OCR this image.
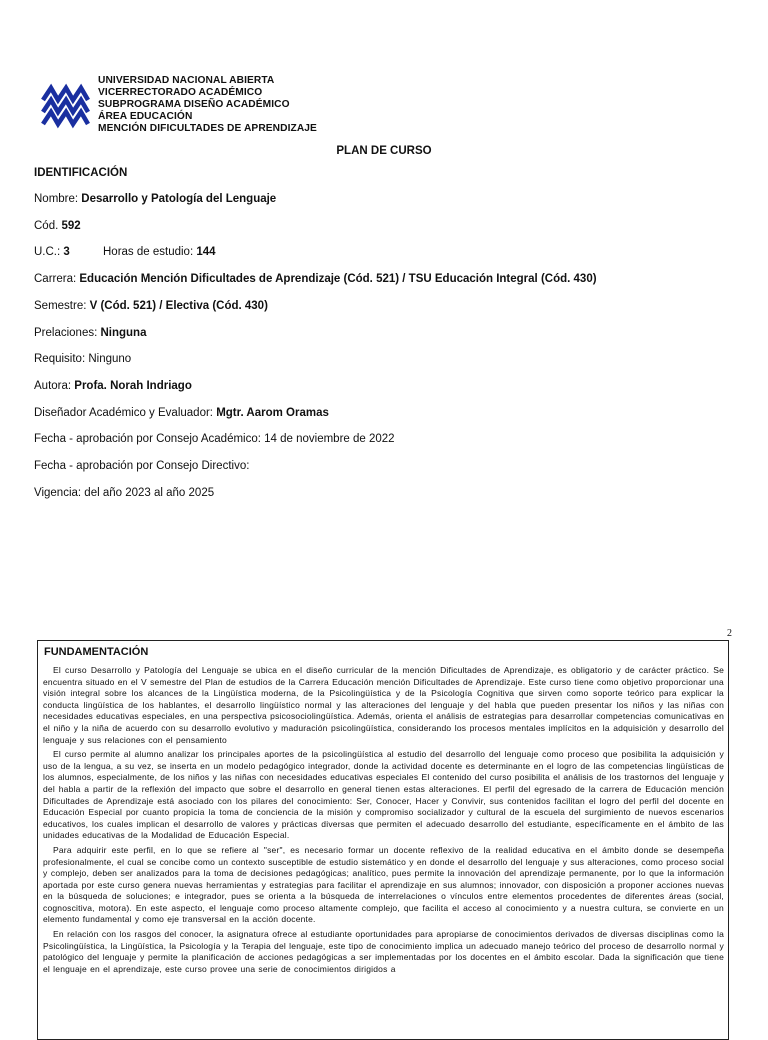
UNIVERSIDAD NACIONAL ABIERTA
VICERRECTORADO ACADÉMICO
SUBPROGRAMA DISEÑO ACADÉMICO
ÁREA EDUCACIÓN
MENCIÓN DIFICULTADES DE APRENDIZAJE
PLAN DE CURSO
IDENTIFICACIÓN
Nombre: Desarrollo y Patología del Lenguaje
Cód. 592
U.C.: 3	Horas de estudio: 144
Carrera: Educación Mención Dificultades de Aprendizaje (Cód. 521) / TSU Educación Integral (Cód. 430)
Semestre: V (Cód. 521) / Electiva (Cód. 430)
Prelaciones: Ninguna
Requisito: Ninguno
Autora: Profa. Norah Indriago
Diseñador Académico y Evaluador: Mgtr. Aarom Oramas
Fecha - aprobación por Consejo Académico: 14 de noviembre de 2022
Fecha - aprobación por Consejo Directivo:
Vigencia: del año 2023 al año 2025
2
FUNDAMENTACIÓN

El curso Desarrollo y Patología del Lenguaje se ubica en el diseño curricular de la mención Dificultades de Aprendizaje, es obligatorio y de carácter práctico. Se encuentra situado en el V semestre del Plan de estudios de la Carrera Educación mención Dificultades de Aprendizaje. Este curso tiene como objetivo proporcionar una visión integral sobre los alcances de la Lingüística moderna, de la Psicolingüística y de la Psicología Cognitiva que sirven como soporte teórico para explicar la conducta lingüística de los hablantes, el desarrollo lingüístico normal y las alteraciones del lenguaje y del habla que pueden presentar los niños y las niñas con necesidades educativas especiales, en una perspectiva psicosociolingüística. Además, orienta el análisis de estrategias para desarrollar competencias comunicativas en el niño y la niña de acuerdo con su desarrollo evolutivo y maduración psicolingüística, considerando los procesos mentales implícitos en la adquisición y desarrollo del lenguaje y sus relaciones con el pensamiento

El curso permite al alumno analizar los principales aportes de la psicolingüística al estudio del desarrollo del lenguaje como proceso que posibilita la adquisición y uso de la lengua, a su vez, se inserta en un modelo pedagógico integrador, donde la actividad docente es determinante en el logro de las competencias lingüísticas de los alumnos, especialmente, de los niños y las niñas con necesidades educativas especiales El contenido del curso posibilita el análisis de los trastornos del lenguaje y del habla a partir de la reflexión del impacto que sobre el desarrollo en general tienen estas alteraciones. El perfil del egresado de la carrera de Educación mención Dificultades de Aprendizaje está asociado con los pilares del conocimiento: Ser, Conocer, Hacer y Convivir, sus contenidos facilitan el logro del perfil del docente en Educación Especial por cuanto propicia la toma de conciencia de la misión y compromiso socializador y cultural de la escuela del surgimiento de nuevos escenarios educativos, los cuales implican el desarrollo de valores y prácticas diversas que permiten el adecuado desarrollo del estudiante, específicamente en el ámbito de las unidades educativas de la Modalidad de Educación Especial.

Para adquirir este perfil, en lo que se refiere al "ser", es necesario formar un docente reflexivo de la realidad educativa en el ámbito donde se desempeña profesionalmente, el cual se concibe como un contexto susceptible de estudio sistemático y en donde el desarrollo del lenguaje y sus alteraciones, como proceso social y complejo, deben ser analizados para la toma de decisiones pedagógicas; analítico, pues permite la innovación del aprendizaje permanente, por lo que la información aportada por este curso genera nuevas herramientas y estrategias para facilitar el aprendizaje en sus alumnos; innovador, con disposición a proponer acciones nuevas en la búsqueda de soluciones; e integrador, pues se orienta a la búsqueda de interrelaciones o vínculos entre elementos procedentes de diferentes áreas (social, cognoscitiva, motora). En este aspecto, el lenguaje como proceso altamente complejo, que facilita el acceso al conocimiento y a nuestra cultura, se convierte en un elemento fundamental y como eje transversal en la acción docente.

En relación con los rasgos del conocer, la asignatura ofrece al estudiante oportunidades para apropiarse de conocimientos derivados de diversas disciplinas como la Psicolingüística, la Lingüística, la Psicología y la Terapia del lenguaje, este tipo de conocimiento implica un adecuado manejo teórico del proceso de desarrollo normal y patológico del lenguaje y permite la planificación de acciones pedagógicas a ser implementadas por los docentes en el ámbito escolar. Dada la significación que tiene el lenguaje en el aprendizaje, este curso provee una serie de conocimientos dirigidos a
